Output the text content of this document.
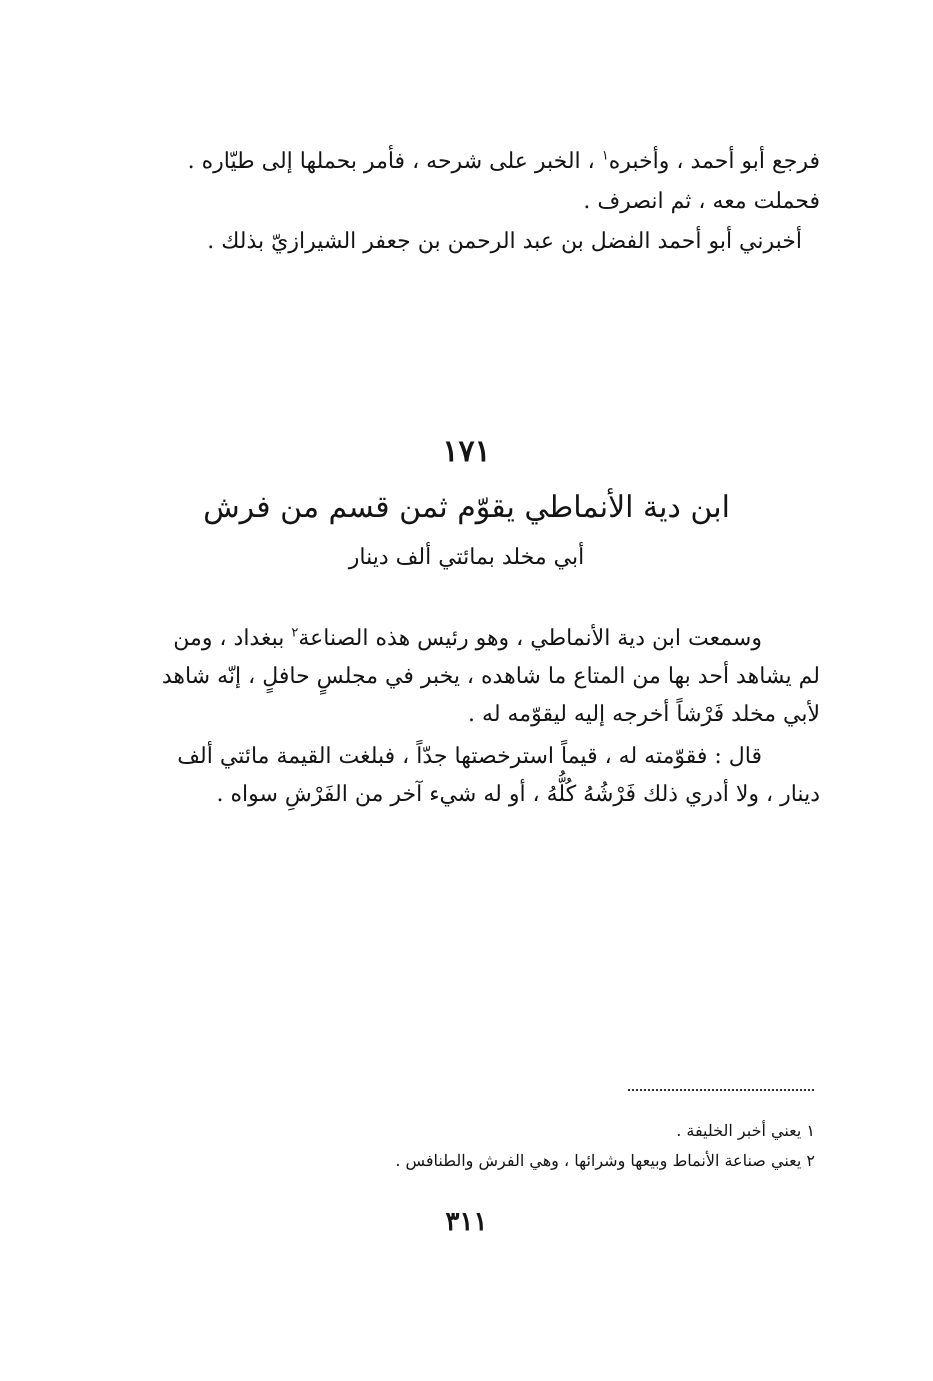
فرجع أبو أحمد ، وأخبره$^١$ ، الخبر على شرحه ، فأمر بحملها إلى طيّاره .
فحملت معه ، ثم انصرف .
أخبرني أبو أحمد الفضل بن عبد الرحمن بن جعفر الشيرازيّ بذلك .
١٧١
ابن دية الأنماطي يقوّم ثمن قسم من فرش
أبي مخلد بمائتي ألف دينار
وسمعت ابن دية الأنماطي ، وهو رئيس هذه الصناعة$^٢$ ببغداد ، ومن
لم يشاهد أحد بها من المتاع ما شاهده ، يخبر في مجلسٍ حافلٍ ، إنّه شاهد
لأبي مخلد فَرْشاً أخرجه إليه ليقوّمه له .
قال : فقوّمته له ، قيماً استرخصتها جدّاً ، فبلغت القيمة مائتي ألف
دينار ، ولا أدري ذلك فَرْشُهُ كُلُّهُ ، أو له شيء آخر من الفَرْشِ سواه .
١ يعني أخبر الخليفة .
٢ يعني صناعة الأنماط وبيعها وشرائها ، وهي الفرش والطنافس .
٣١١
